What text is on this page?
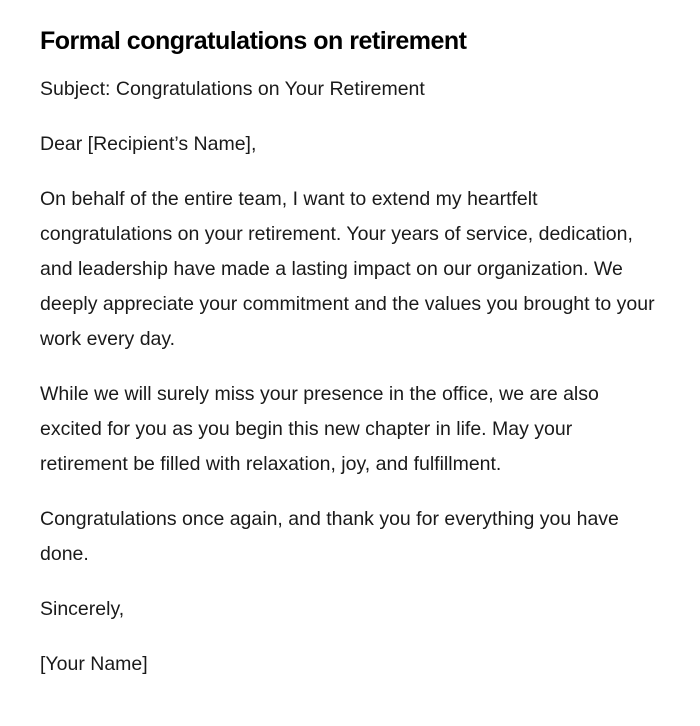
Formal congratulations on retirement

Subject: Congratulations on Your Retirement

Dear [Recipient’s Name],

On behalf of the entire team, I want to extend my heartfelt congratulations on your retirement. Your years of service, dedication, and leadership have made a lasting impact on our organization. We deeply appreciate your commitment and the values you brought to your work every day.

While we will surely miss your presence in the office, we are also excited for you as you begin this new chapter in life. May your retirement be filled with relaxation, joy, and fulfillment.

Congratulations once again, and thank you for everything you have done.

Sincerely,

[Your Name]
